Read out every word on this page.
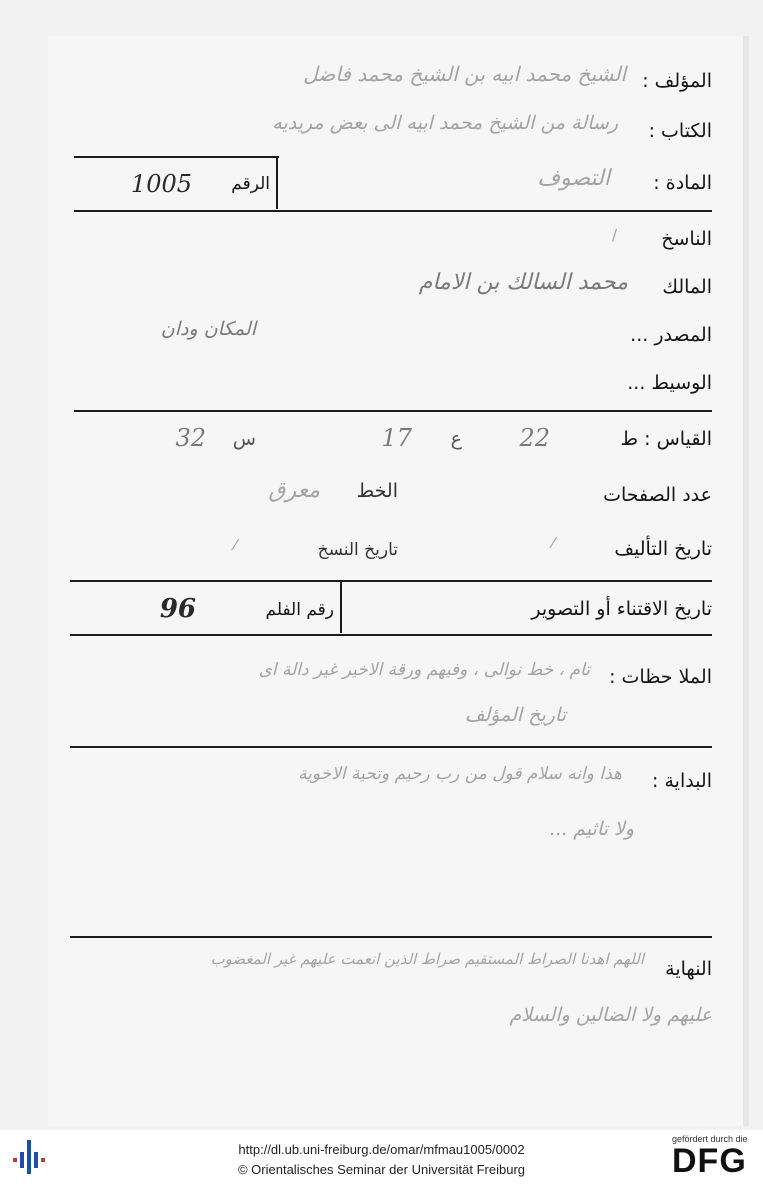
المؤلف :
الشيخ محمد ابيه بن الشيخ محمد فاضل
الكتاب :
رسالة من الشيخ محمد ابيه الى بعض مريديه
المادة :
التصوف
الرقم
1005
الناسخ
/
المالك
محمد السالك بن الامام
المصدر ...
المكان ودان
الوسيط ...
القياس : ط
22
ع
17
س
32
عدد الصفحات
الخط
معرق
تاريخ التأليف
⁄
تاريخ النسخ
⁄
تاريخ الاقتناء أو التصوير
رقم الفلم
96
الملا حظات :
تام ، خط نوالى ، وفيهم ورقة الاخير غير دالة اى
تاريخ المؤلف
البداية :
هذا وانه سلام قول من رب رحيم وتحية الاخوية
ولا تاثيم ...
النهاية
اللهم اهدنا الصراط المستقيم صراط الذين انعمت عليهم غير المغضوب
عليهم ولا الضالين والسلام
http://dl.ub.uni-freiburg.de/omar/mfmau1005/0002
© Orientalisches Seminar der Universität Freiburg
gefördert durch die
DFG
